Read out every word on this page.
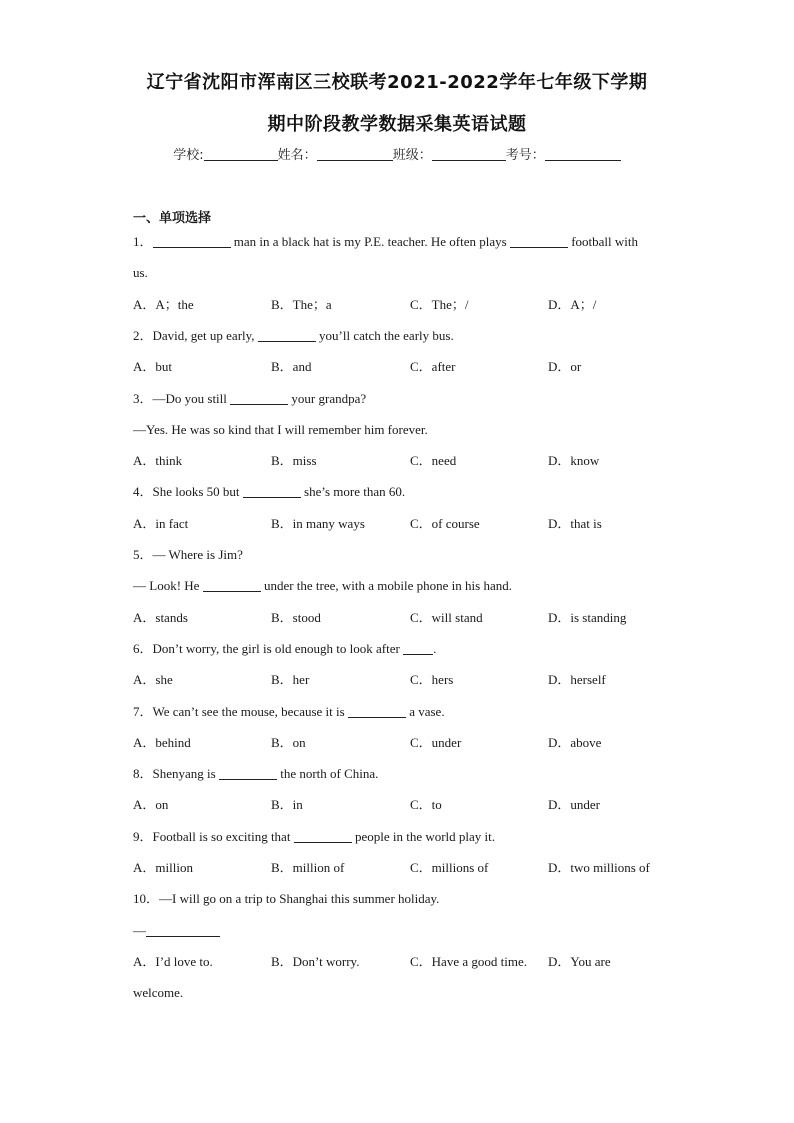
辽宁省沈阳市浑南区三校联考2021-2022学年七年级下学期
期中阶段教学数据采集英语试题
学校:	姓名：	班级：	考号：
一、单项选择
1．	man in a black hat is my P.E. teacher. He often plays	football with
us.
A．A；the	B．The；a	C．The；/	D．A；/
2．David, get up early,	you’ll catch the early bus.
A．but	B．and	C．after	D．or
3．—Do you still	your grandpa?
—Yes. He was so kind that I will remember him forever.
A．think	B．miss	C．need	D．know
4．She looks 50 but	she’s more than 60.
A．in fact	B．in many ways	C．of course	D．that is
5．— Where is Jim?
— Look! He	under the tree, with a mobile phone in his hand.
A．stands	B．stood	C．will stand	D．is standing
6．Don’t worry, the girl is old enough to look after .
A．she	B．her	C．hers	D．herself
7．We can’t see the mouse, because it is	a vase.
A．behind	B．on	C．under	D．above
8．Shenyang is	the north of China.
A．on	B．in	C．to	D．under
9．Football is so exciting that	people in the world play it.
A．million	B．million of	C．millions of	D．two millions of
10．—I will go on a trip to Shanghai this summer holiday.
—
A．I’d love to.	B．Don’t worry.	C．Have a good time. D．You are
welcome.
